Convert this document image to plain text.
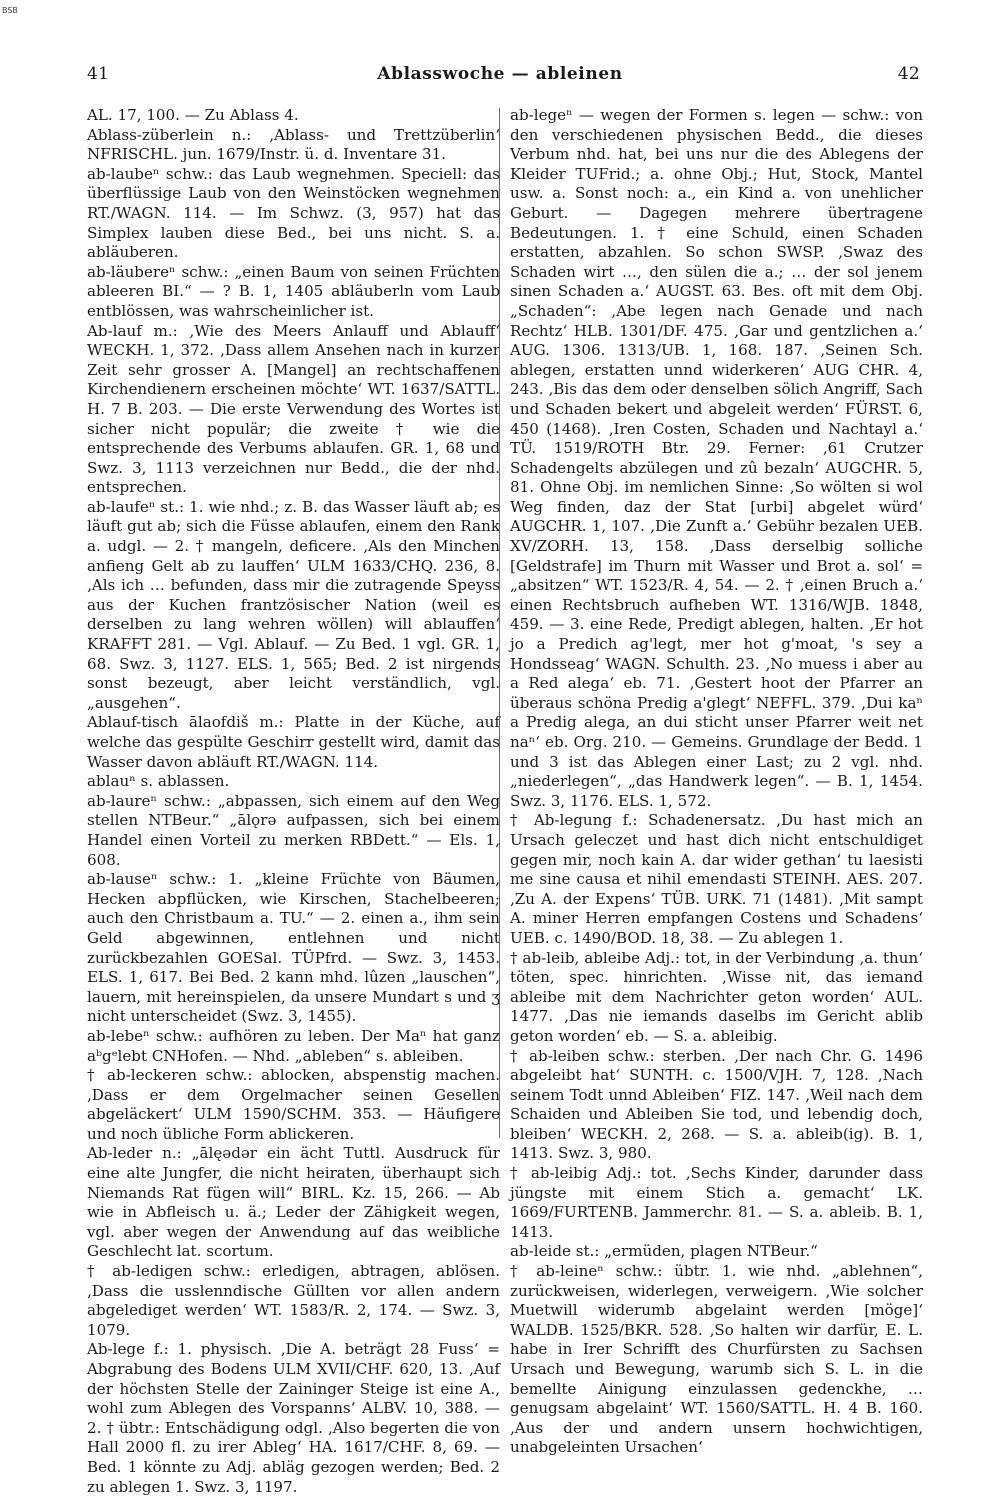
BSB
41	Ablasswoche — ableinen	42

AL. 17, 100. — Zu Ablass 4.

Ablass-züberlein n.: ‚Ablass- und Trettzüberlin‘ NFRISCHL. jun. 1679/Instr. ü. d. Inventare 31.

ab-laubeⁿ schw.: das Laub wegnehmen. Speciell: das überflüssige Laub von den Weinstöcken wegnehmen RT./WAGN. 114. — Im Schwz. (3, 957) hat das Simplex lauben diese Bed., bei uns nicht. S. a. abläuberen.

ab-läubereⁿ schw.: „einen Baum von seinen Früchten ableeren BI.“ — ? B. 1, 1405 abläuberln vom Laub entblössen, was wahrscheinlicher ist.

Ab-lauf m.: ‚Wie des Meers Anlauff und Ablauff‘ WECKH. 1, 372. ‚Dass allem Ansehen nach in kurzer Zeit sehr grosser A. [Mangel] an rechtschaffenen Kirchendienern erscheinen möchte‘ WT. 1637/SATTL. H. 7 B. 203. — Die erste Verwendung des Wortes ist sicher nicht populär; die zweite † wie die entsprechende des Verbums ablaufen. GR. 1, 68 und Swz. 3, 1113 verzeichnen nur Bedd., die der nhd. entsprechen.

ab-laufeⁿ st.: 1. wie nhd.; z. B. das Wasser läuft ab; es läuft gut ab; sich die Füsse ablaufen, einem den Rank a. udgl. — 2. † mangeln, deficere. ‚Als den Minchen anfieng Gelt ab zu lauffen‘ ULM 1633/CHQ. 236, 8. ‚Als ich … befunden, dass mir die zutragende Speyss aus der Kuchen frantzösischer Nation (weil es derselben zu lang wehren wöllen) will ablauffen‘ KRAFFT 281. — Vgl. Ablauf. — Zu Bed. 1 vgl. GR. 1, 68. Swz. 3, 1127. ELS. 1, 565; Bed. 2 ist nirgends sonst bezeugt, aber leicht verständlich, vgl. „ausgehen“.

Ablauf-tisch ālaofdiš m.: Platte in der Küche, auf welche das gespülte Geschirr gestellt wird, damit das Wasser davon abläuft RT./WAGN. 114.

ablauⁿ s. ablassen.

ab-laureⁿ schw.: „abpassen, sich einem auf den Weg stellen NTBeur.“ „ālǫrə aufpassen, sich bei einem Handel einen Vorteil zu merken RBDett.“ — Els. 1, 608.

ab-lauseⁿ schw.: 1. „kleine Früchte von Bäumen, Hecken abpflücken, wie Kirschen, Stachelbeeren; auch den Christbaum a. TU.“ — 2. einen a., ihm sein Geld abgewinnen, entlehnen und nicht zurückbezahlen GOESal. TÜPfrd. — Swz. 3, 1453. ELS. 1, 617. Bei Bed. 2 kann mhd. lûzen „lauschen“, lauern, mit hereinspielen, da unsere Mundart s und ʒ nicht unterscheidet (Swz. 3, 1455).

ab-lebeⁿ schw.: aufhören zu leben. Der Maⁿ hat ganz aᵇgᵉlebt CNHofen. — Nhd. „ableben“ s. ableiben.

† ab-leckeren schw.: ablocken, abspenstig machen. ‚Dass er dem Orgelmacher seinen Gesellen abgeläckert‘ ULM 1590/SCHM. 353. — Häufigere und noch übliche Form ablickeren.

Ab-leder n.: „ālęədər ein ächt Tuttl. Ausdruck für eine alte Jungfer, die nicht heiraten, überhaupt sich Niemands Rat fügen will“ BIRL. Kz. 15, 266. — Ab wie in Abfleisch u. ä.; Leder der Zähigkeit wegen, vgl. aber wegen der Anwendung auf das weibliche Geschlecht lat. scortum.

† ab-ledigen schw.: erledigen, abtragen, ablösen. ‚Dass die usslenndische Güllten vor allen andern abgelediget werden‘ WT. 1583/R. 2, 174. — Swz. 3, 1079.

Ab-lege f.: 1. physisch. ‚Die A. beträgt 28 Fuss‘ = Abgrabung des Bodens ULM XVII/CHF. 620, 13. ‚Auf der höchsten Stelle der Zaininger Steige ist eine A., wohl zum Ablegen des Vorspanns‘ ALBV. 10, 388. — 2. † übtr.: Entschädigung odgl. ‚Also begerten die von Hall 2000 fl. zu irer Ableg‘ HA. 1617/CHF. 8, 69. — Bed. 1 könnte zu Adj. abläg gezogen werden; Bed. 2 zu ablegen 1. Swz. 3, 1197.

ab-legeⁿ — wegen der Formen s. legen — schw.: von den verschiedenen physischen Bedd., die dieses Verbum nhd. hat, bei uns nur die des Ablegens der Kleider TUFrid.; a. ohne Obj.; Hut, Stock, Mantel usw. a. Sonst noch: a., ein Kind a. von unehlicher Geburt. — Dagegen mehrere übertragene Bedeutungen. 1. † eine Schuld, einen Schaden erstatten, abzahlen. So schon SWSP. ‚Swaz des Schaden wirt …, den sülen die a.; … der sol jenem sinen Schaden a.‘ AUGST. 63. Bes. oft mit dem Obj. „Schaden“: ‚Abe legen nach Genade und nach Rechtz‘ HLB. 1301/DF. 475. ‚Gar und gentzlichen a.‘ AUG. 1306. 1313/UB. 1, 168. 187. ‚Seinen Sch. ablegen, erstatten unnd widerkeren‘ AUG CHR. 4, 243. ‚Bis das dem oder denselben sölich Angriff, Sach und Schaden bekert und abgeleit werden‘ FÜRST. 6, 450 (1468). ‚Iren Costen, Schaden und Nachtayl a.‘ TÜ. 1519/ROTH Btr. 29. Ferner: ‚61 Crutzer Schadengelts abzülegen und zû bezaln‘ AUGCHR. 5, 81. Ohne Obj. im nemlichen Sinne: ‚So wölten si wol Weg finden, daz der Stat [urbi] abgelet würd‘ AUGCHR. 1, 107. ‚Die Zunft a.‘ Gebühr bezalen UEB. XV/ZORH. 13, 158. ‚Dass derselbig solliche [Geldstrafe] im Thurn mit Wasser und Brot a. sol‘ = „absitzen“ WT. 1523/R. 4, 54. — 2. † ‚einen Bruch a.‘ einen Rechtsbruch aufheben WT. 1316/WJB. 1848, 459. — 3. eine Rede, Predigt ablegen, halten. ‚Er hot jo a Predich ag'legt, mer hot g'moat, 's sey a Hondsseag‘ WAGN. Schulth. 23. ‚No muess i aber au a Red alega‘ eb. 71. ‚Gestert hoot der Pfarrer an überaus schöna Predig a'glegt‘ NEFFL. 379. ‚Dui kaⁿ a Predig alega, an dui sticht unser Pfarrer weit net naⁿ‘ eb. Org. 210. — Gemeins. Grundlage der Bedd. 1 und 3 ist das Ablegen einer Last; zu 2 vgl. nhd. „niederlegen“, „das Handwerk legen“. — B. 1, 1454. Swz. 3, 1176. ELS. 1, 572.

† Ab-legung f.: Schadenersatz. ‚Du hast mich an Ursach geleczet und hast dich nicht entschuldiget gegen mir, noch kain A. dar wider gethan‘ tu laesisti me sine causa et nihil emendasti STEINH. AES. 207. ‚Zu A. der Expens‘ TÜB. URK. 71 (1481). ‚Mit sampt A. miner Herren empfangen Costens und Schadens‘ UEB. c. 1490/BOD. 18, 38. — Zu ablegen 1.

† ab-leib, ableibe Adj.: tot, in der Verbindung ‚a. thun‘ töten, spec. hinrichten. ‚Wisse nit, das iemand ableibe mit dem Nachrichter geton worden‘ AUL. 1477. ‚Das nie iemands daselbs im Gericht ablib geton worden‘ eb. — S. a. ableibig.

† ab-leiben schw.: sterben. ‚Der nach Chr. G. 1496 abgeleibt hat‘ SUNTH. c. 1500/VJH. 7, 128. ‚Nach seinem Todt unnd Ableiben‘ FIZ. 147. ‚Weil nach dem Schaiden und Ableiben Sie tod, und lebendig doch, bleiben‘ WECKH. 2, 268. — S. a. ableib(ig). B. 1, 1413. Swz. 3, 980.

† ab-leibig Adj.: tot. ‚Sechs Kinder, darunder dass jüngste mit einem Stich a. gemacht‘ LK. 1669/FURTENB. Jammerchr. 81. — S. a. ableib. B. 1, 1413.

ab-leide st.: „ermüden, plagen NTBeur.“

† ab-leineⁿ schw.: übtr. 1. wie nhd. „ablehnen“, zurückweisen, widerlegen, verweigern. ‚Wie solcher Muetwill widerumb abgelaint werden [möge]‘ WALDB. 1525/BKR. 528. ‚So halten wir darfür, E. L. habe in Irer Schrifft des Churfürsten zu Sachsen Ursach und Bewegung, warumb sich S. L. in die bemellte Ainigung einzulassen gedenckhe, … genugsam abgelaint‘ WT. 1560/SATTL. H. 4 B. 160. ‚Aus der und andern unsern hochwichtigen, unabgeleinten Ursachen‘
